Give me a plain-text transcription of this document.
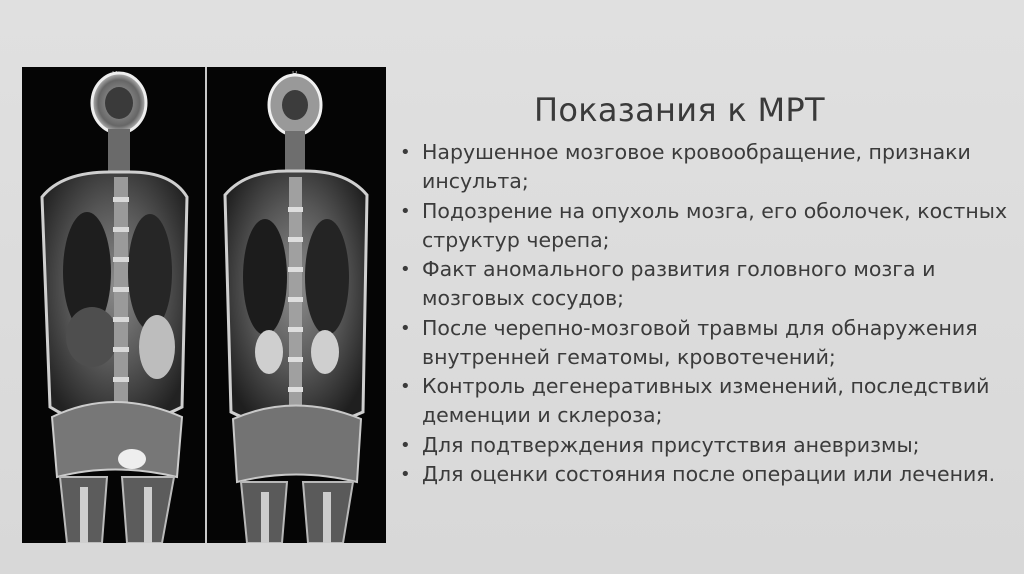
Показания к МРТ
• Нарушенное мозговое кровообращение, признаки инсульта;
• Подозрение на опухоль мозга, его оболочек, костных структур черепа;
• Факт аномального развития головного мозга и мозговых сосудов;
• После черепно-мозговой травмы для обнаружения внутренней гематомы, кровотечений;
• Контроль дегенеративных изменений, последствий деменции и склероза;
• Для подтверждения присутствия аневризмы;
• Для оценки состояния после операции или лечения.
